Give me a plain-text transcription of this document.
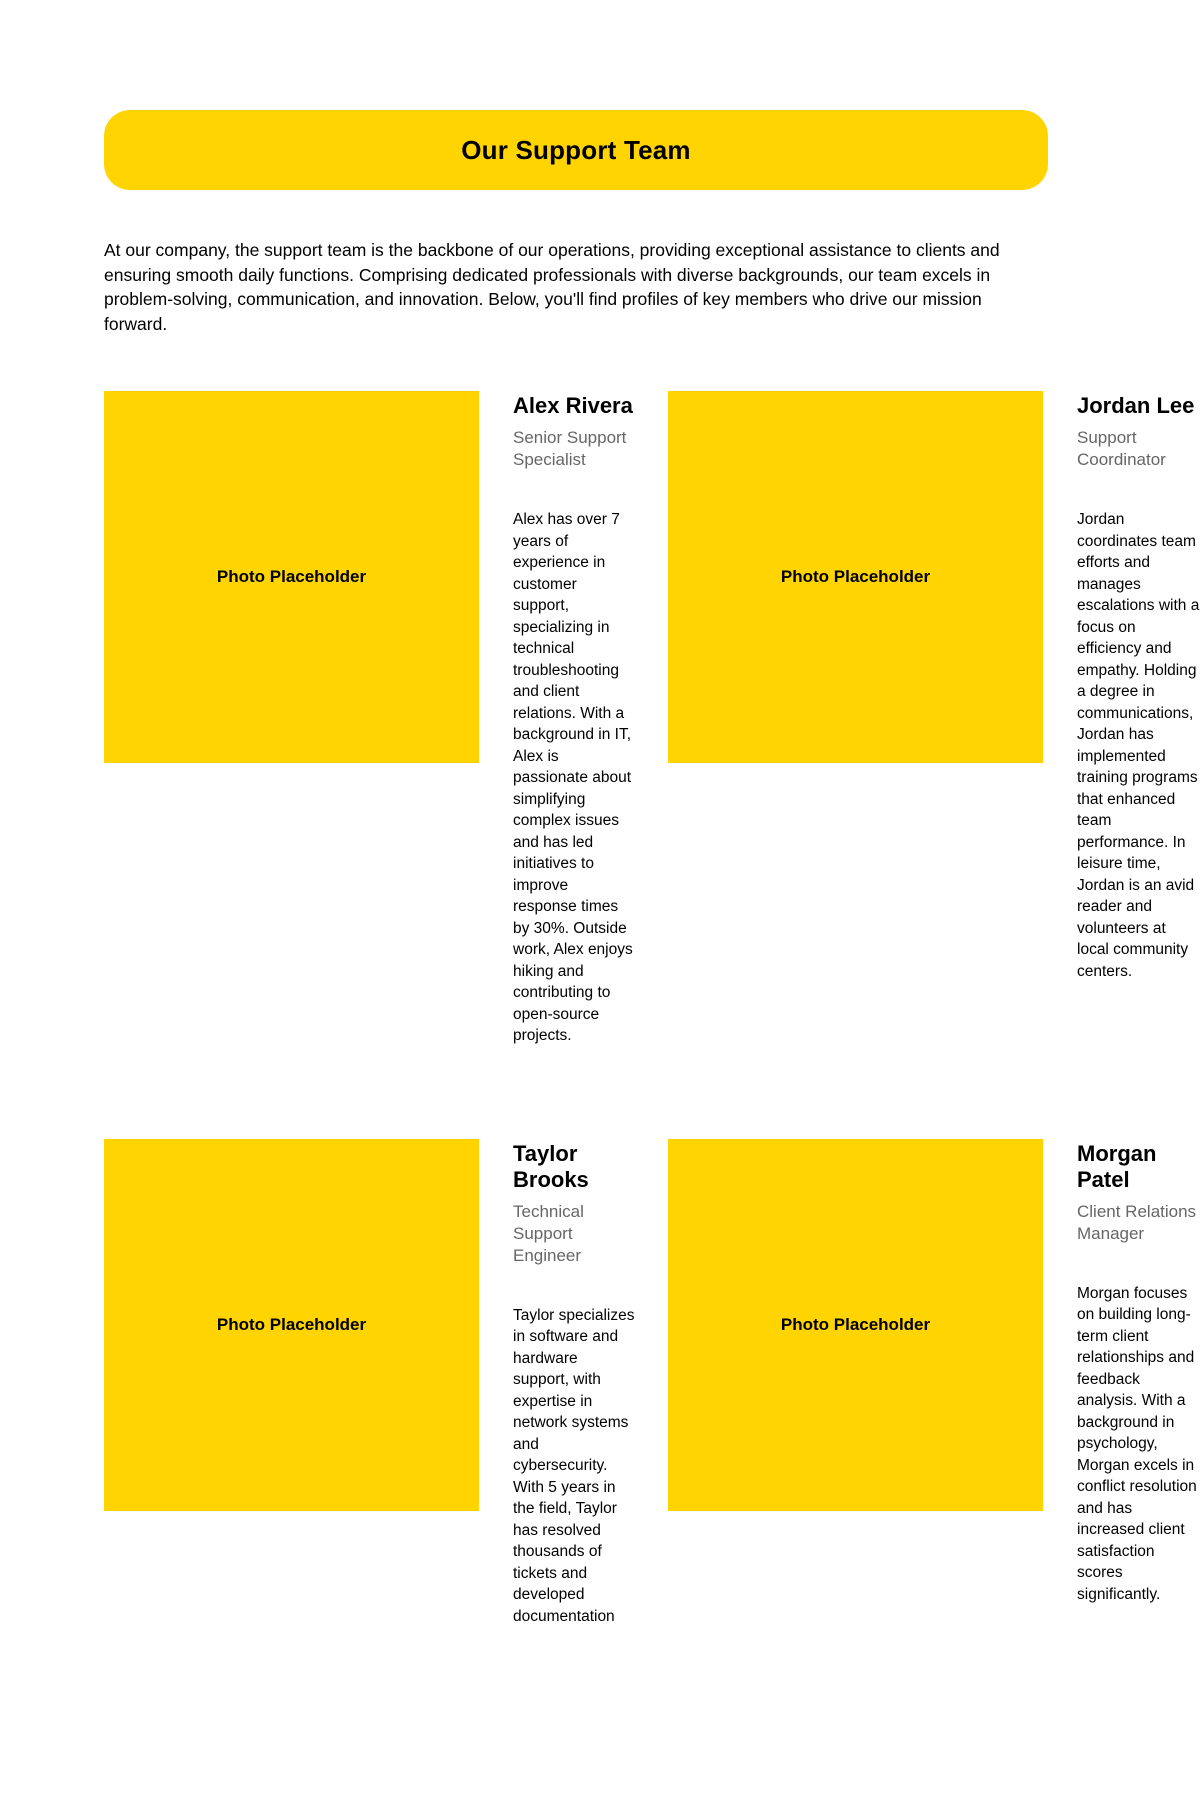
Our Support Team

At our company, the support team is the backbone of our operations, providing exceptional assistance to clients and ensuring smooth daily functions. Comprising dedicated professionals with diverse backgrounds, our team excels in problem-solving, communication, and innovation. Below, you'll find profiles of key members who drive our mission forward.

Photo Placeholder
Alex Rivera
Senior Support Specialist

Alex has over 7 years of experience in customer support, specializing in technical troubleshooting and client relations. With a background in IT, Alex is passionate about simplifying complex issues and has led initiatives to improve response times by 30%. Outside work, Alex enjoys hiking and contributing to open-source projects.

Photo Placeholder
Jordan Lee
Support Coordinator

Jordan coordinates team efforts and manages escalations with a focus on efficiency and empathy. Holding a degree in communications, Jordan has implemented training programs that enhanced team performance. In leisure time, Jordan is an avid reader and volunteers at local community centers.

Photo Placeholder
Taylor Brooks
Technical Support Engineer

Taylor specializes in software and hardware support, with expertise in network systems and cybersecurity. With 5 years in the field, Taylor has resolved thousands of tickets and developed documentation

Photo Placeholder
Morgan Patel
Client Relations Manager

Morgan focuses on building long-term client relationships and feedback analysis. With a background in psychology, Morgan excels in conflict resolution and has increased client satisfaction scores significantly.
